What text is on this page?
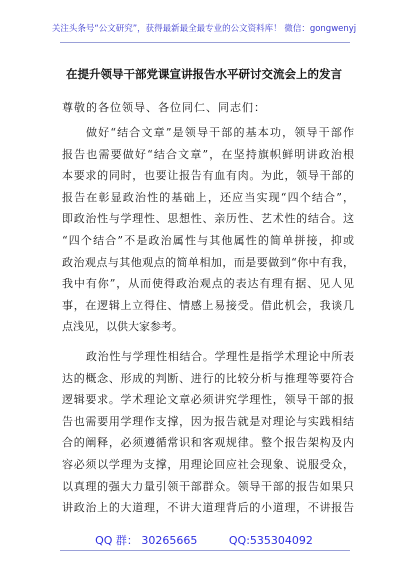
关注头条号“公文研究”，获得最新最全最专业的公文资料库！ 微信：gongwenyj
在提升领导干部党课宣讲报告水平研讨交流会上的发言
尊敬的各位领导、各位同仁、同志们：
做好“结合文章”是领导干部的基本功，领导干部作
报告也需要做好“结合文章”，在坚持旗帜鲜明讲政治根
本要求的同时，也要让报告有血有肉。为此，领导干部的
报告在彰显政治性的基础上，还应当实现“四个结合”，
即政治性与学理性、思想性、亲历性、艺术性的结合。这
“四个结合”不是政治属性与其他属性的简单拼接，抑或
政治观点与其他观点的简单相加，而是要做到“你中有我，
我中有你”，从而使得政治观点的表达有理有据、见人见
事，在逻辑上立得住、情感上易接受。借此机会，我谈几
点浅见，以供大家参考。
政治性与学理性相结合。学理性是指学术理论中所表
达的概念、形成的判断、进行的比较分析与推理等要符合
逻辑要求。学术理论文章必须讲究学理性，领导干部的报
告也需要用学理作支撑，因为报告就是对理论与实践相结
合的阐释，必须遵循常识和客观规律。整个报告架构及内
容必须以学理为支撑，用理论回应社会现象、说服受众，
以真理的强大力量引领干部群众。领导干部的报告如果只
讲政治上的大道理，不讲大道理背后的小道理，不讲报告
QQ 群： 30265665	QQ:535304092
